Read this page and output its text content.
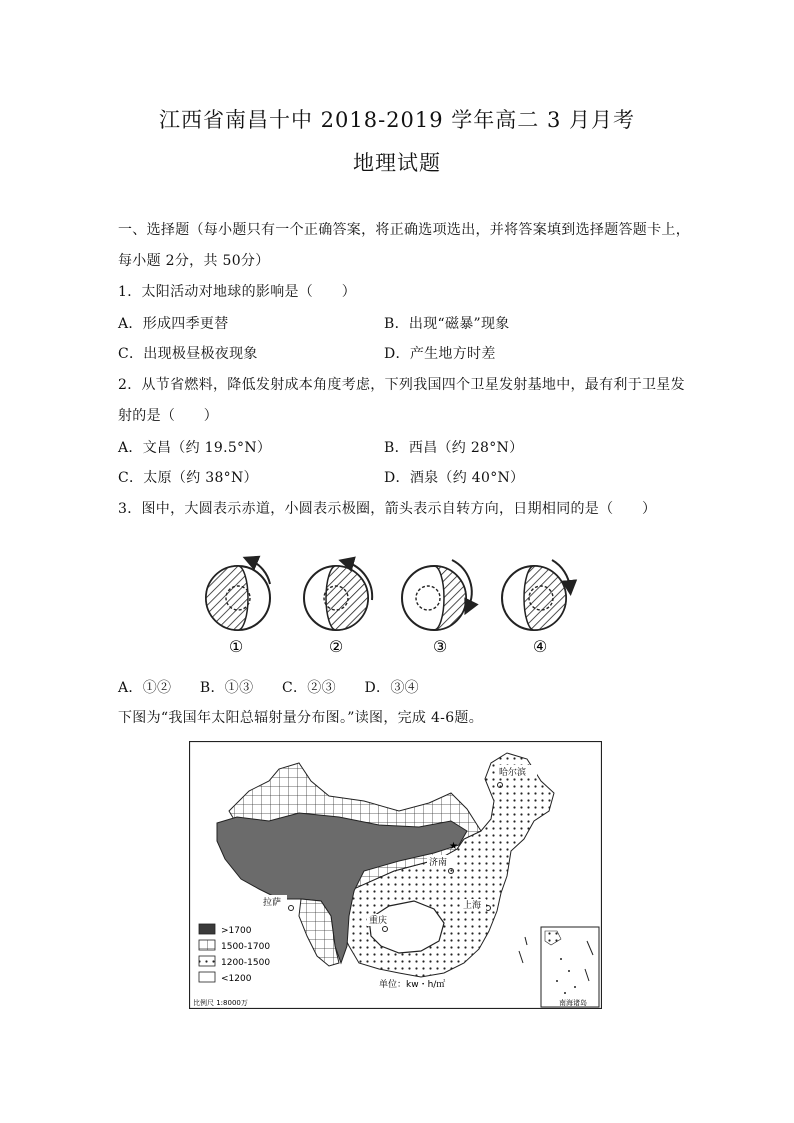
江西省南昌十中 2018-2019 学年高二 3 月月考
地理试题
一、选择题（每小题只有一个正确答案，将正确选项选出，并将答案填到选择题答题卡上，
每小题 2分，共 50分）
1．太阳活动对地球的影响是（　　）
A．形成四季更替	B．出现“磁暴”现象
C．出现极昼极夜现象	D．产生地方时差
2．从节省燃料，降低发射成本角度考虑，下列我国四个卫星发射基地中，最有利于卫星发
射的是（　　）
A．文昌（约 19.5°N）	B．西昌（约 28°N）
C．太原（约 38°N）	D．酒泉（约 40°N）
3．图中，大圆表示赤道，小圆表示极圈，箭头表示自转方向，日期相同的是（　　）
①	②	③	④
A．①②　　B．①③　　C．②③　　D．③④
下图为“我国年太阳总辐射量分布图。”读图，完成 4-6题。
>1700
1500-1700
1200-1500
<1200
哈尔滨
济南
拉萨
重庆
上海
★
单位：kw・h/㎡
比例尺 1:8000万	南海诸岛
